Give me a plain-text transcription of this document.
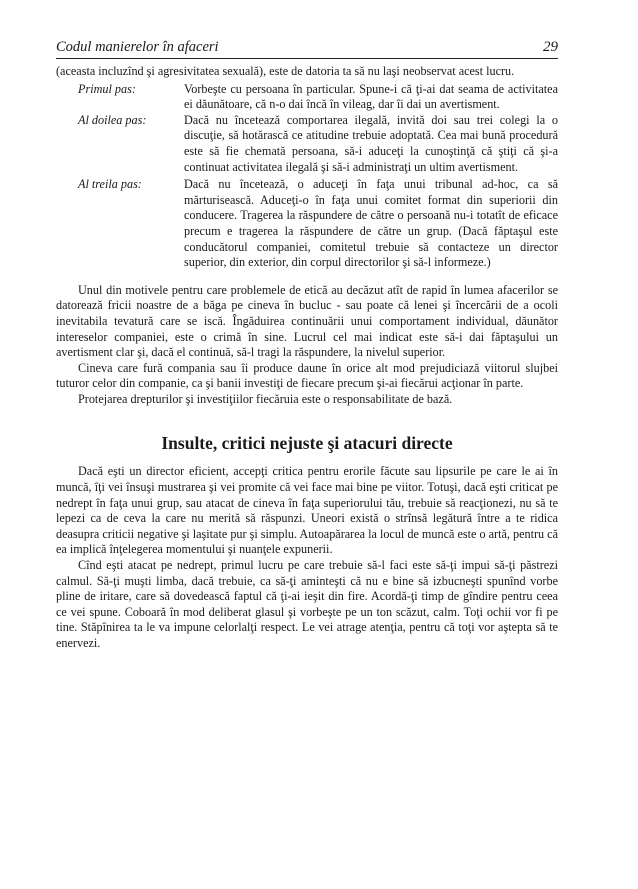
Codul manierelor în afaceri	29

(aceasta incluzînd şi agresivitatea sexuală), este de datoria ta să nu laşi neobservat acest lucru.

Primul pas:	Vorbeşte cu persoana în particular. Spune-i că ţi-ai dat seama de activitatea ei dăunătoare, că n-o dai încă în vileag, dar îi dai un avertisment.
Al doilea pas:	Dacă nu încetează comportarea ilegală, invită doi sau trei colegi la o discuţie, să hotărască ce atitudine trebuie adoptată. Cea mai bună procedură este să fie chemată persoana, să-i aduceţi la cunoştinţă că ştiţi că şi-a continuat activitatea ilegală şi să-i administraţi un ultim avertisment.
Al treila pas:	Dacă nu încetează, o aduceţi în faţa unui tribunal ad-hoc, ca să mărturisească. Aduceţi-o în faţa unui comitet format din superiorii din conducere. Tragerea la răspundere de către o persoană nu-i totatît de eficace precum e tragerea la răspundere de către un grup. (Dacă făptaşul este conducătorul companiei, comitetul trebuie să contacteze un director superior, din exterior, din corpul directorilor şi să-l informeze.)

Unul din motivele pentru care problemele de etică au decăzut atît de rapid în lumea afacerilor se datorează fricii noastre de a băga pe cineva în bucluc - sau poate că lenei şi încercării de a ocoli inevitabila tevatură care se iscă. Îngăduirea continuării unui comportament individual, dăunător intereselor companiei, este o crimă în sine. Lucrul cel mai indicat este să-i dai făptaşului un avertisment clar şi, dacă el continuă, să-l tragi la răspundere, la nivelul superior.

Cineva care fură compania sau îi produce daune în orice alt mod prejudiciază viitorul slujbei tuturor celor din companie, ca şi banii investiţi de fiecare precum şi-ai fiecărui acţionar în parte.

Protejarea drepturilor şi investiţiilor fiecăruia este o responsabilitate de bază.

Insulte, critici nejuste şi atacuri directe

Dacă eşti un director eficient, accepţi critica pentru erorile făcute sau lipsurile pe care le ai în muncă, îţi vei însuşi mustrarea şi vei promite că vei face mai bine pe viitor. Totuşi, dacă eşti criticat pe nedrept în faţa unui grup, sau atacat de cineva în faţa superiorului tău, trebuie să reacţionezi, nu să te lepezi ca de ceva la care nu merită să răspunzi. Uneori există o strînsă legătură între a te ridica deasupra criticii negative şi laşitate pur şi simplu. Autoapărarea la locul de muncă este o artă, pentru că ea implică înţelegerea momentului şi nuanţele expunerii.

Cînd eşti atacat pe nedrept, primul lucru pe care trebuie să-l faci este să-ţi impui să-ţi păstrezi calmul. Să-ţi muşti limba, dacă trebuie, ca să-ţi aminteşti că nu e bine să izbucneşti spunînd vorbe pline de iritare, care să dovedească faptul că ţi-ai ieşit din fire. Acordă-ţi timp de gîndire pentru ceea ce vei spune. Coboară în mod deliberat glasul şi vorbeşte pe un ton scăzut, calm. Toţi ochii vor fi pe tine. Stăpînirea ta le va impune celorlalţi respect. Le vei atrage atenţia, pentru că toţi vor aştepta să te enervezi.
